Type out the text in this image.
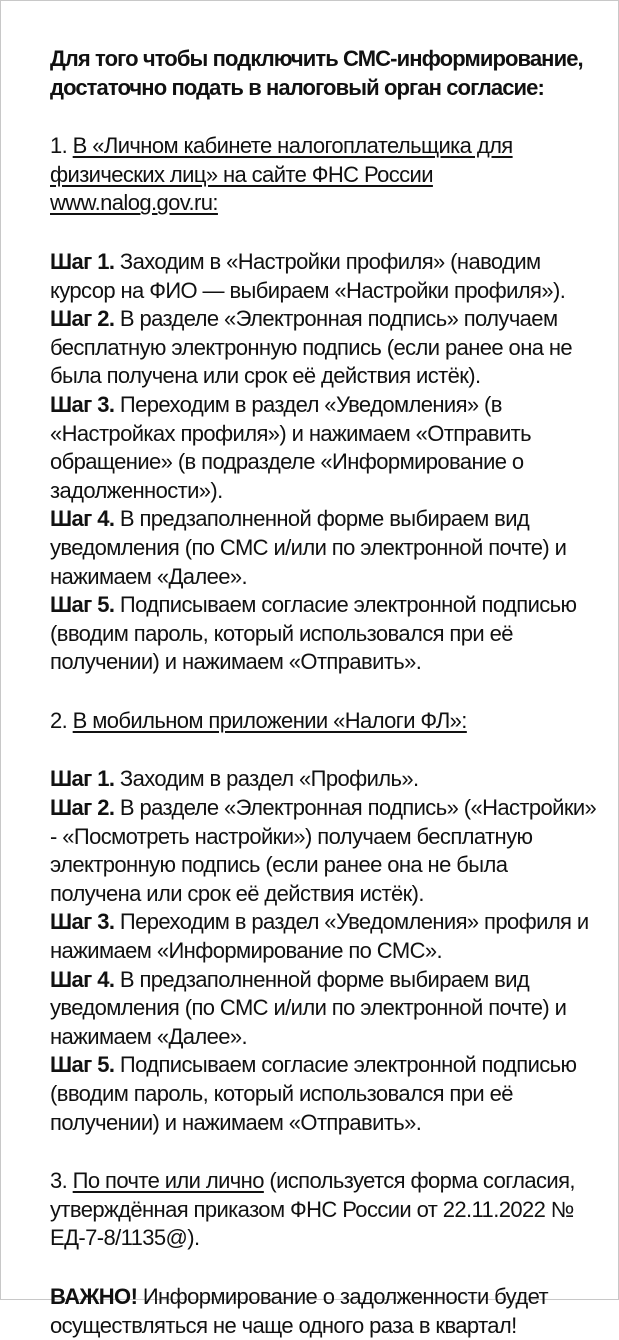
Для того чтобы подключить СМС-информирование,
достаточно подать в налоговый орган согласие:
1. В «Личном кабинете налогоплательщика для физических лиц» на сайте ФНС России www.nalog.gov.ru:

Шаг 1. Заходим в «Настройки профиля» (наводим курсор на ФИО — выбираем «Настройки профиля»).

Шаг 2. В разделе «Электронная подпись» получаем бесплатную электронную подпись (если ранее она не была получена или срок её действия истёк).

Шаг 3. Переходим в раздел «Уведомления» (в «Настройках профиля») и нажимаем «Отправить обращение» (в подразделе «Информирование о задолженности»).

Шаг 4. В предзаполненной форме выбираем вид уведомления (по СМС и/или по электронной почте) и нажимаем «Далее».

Шаг 5. Подписываем согласие электронной подписью (вводим пароль, который использовался при её получении) и нажимаем «Отправить».

2. В мобильном приложении «Налоги ФЛ»:

Шаг 1. Заходим в раздел «Профиль».

Шаг 2. В разделе «Электронная подпись» («Настройки» - «Посмотреть настройки») получаем бесплатную электронную подпись (если ранее она не была получена или срок её действия истёк).

Шаг 3. Переходим в раздел «Уведомления» профиля и нажимаем «Информирование по СМС».

Шаг 4. В предзаполненной форме выбираем вид уведомления (по СМС и/или по электронной почте) и нажимаем «Далее».

Шаг 5. Подписываем согласие электронной подписью (вводим пароль, который использовался при её получении) и нажимаем «Отправить».

3. По почте или лично (используется форма согласия, утверждённая приказом ФНС России от 22.11.2022 № ЕД-7-8/1135@).
ВАЖНО! Информирование о задолженности будет осуществляться не чаще одного раза в квартал!
